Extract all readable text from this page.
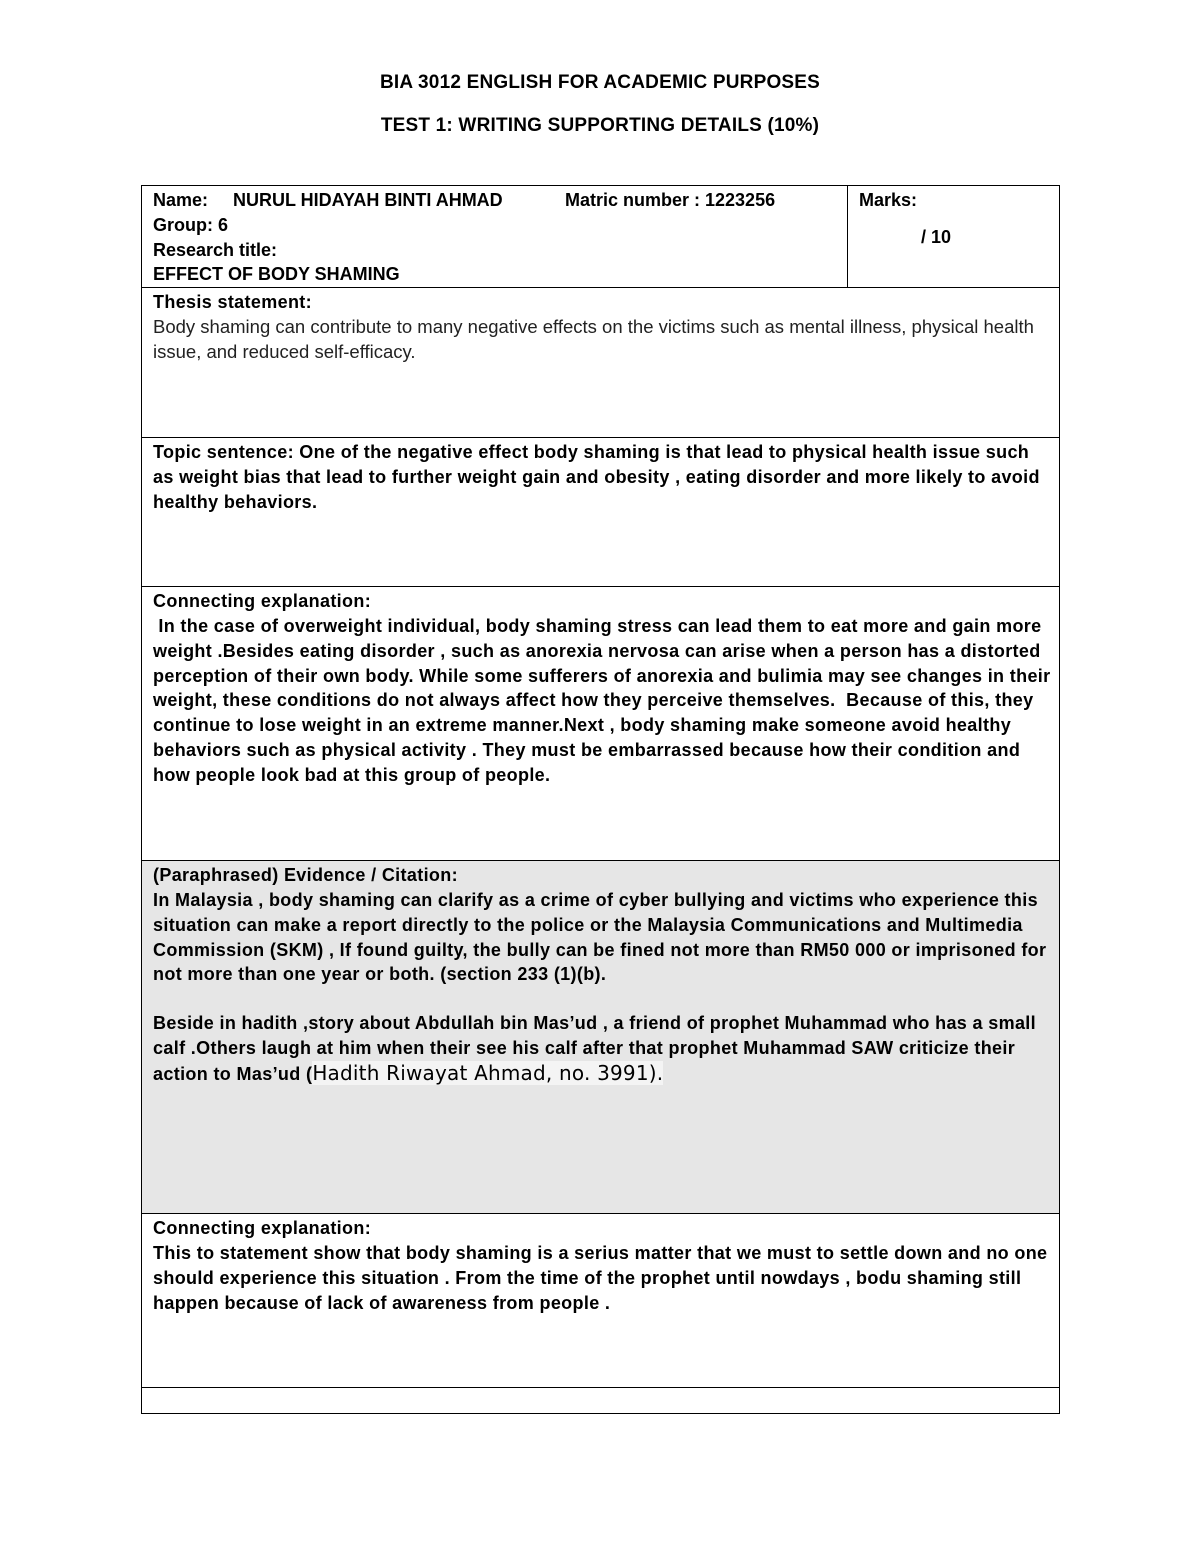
BIA 3012 ENGLISH FOR ACADEMIC PURPOSES
TEST 1: WRITING SUPPORTING DETAILS (10%)
Name: NURUL HIDAYAH BINTI AHMAD	Matric number : 1223256
Group: 6
Research title:
EFFECT OF BODY SHAMING

Marks:
/ 10

Thesis statement:
Body shaming can contribute to many negative effects on the victims such as mental illness, physical health issue, and reduced self-efficacy.

Topic sentence: One of the negative effect body shaming is that lead to physical health issue such as weight bias that lead to further weight gain and obesity , eating disorder and more likely to avoid healthy behaviors.

Connecting explanation:
In the case of overweight individual, body shaming stress can lead them to eat more and gain more weight .Besides eating disorder , such as anorexia nervosa can arise when a person has a distorted perception of their own body. While some sufferers of anorexia and bulimia may see changes in their weight, these conditions do not always affect how they perceive themselves.  Because of this, they continue to lose weight in an extreme manner.Next , body shaming make someone avoid healthy behaviors such as physical activity . They must be embarrassed because how their condition and how people look bad at this group of people.

(Paraphrased) Evidence / Citation:
In Malaysia , body shaming can clarify as a crime of cyber bullying and victims who experience this situation can make a report directly to the police or the Malaysia Communications and Multimedia Commission (SKM) , If found guilty, the bully can be fined not more than RM50 000 or imprisoned for not more than one year or both. (section 233 (1)(b).
Beside in hadith ,story about Abdullah bin Mas’ud , a friend of prophet Muhammad who has a small calf .Others laugh at him when their see his calf after that prophet Muhammad SAW criticize their action to Mas’ud (Hadith Riwayat Ahmad, no. 3991).

Connecting explanation:
This to statement show that body shaming is a serius matter that we must to settle down and no one should experience this situation . From the time of the prophet until nowdays , bodu shaming still happen because of lack of awareness from people .
